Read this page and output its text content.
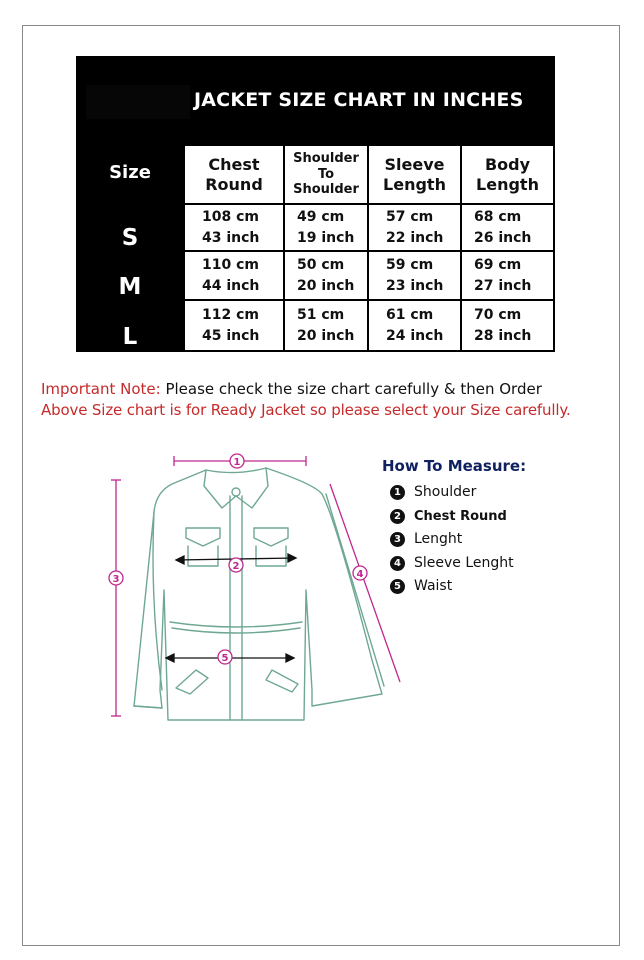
JACKET SIZE CHART IN INCHES
Size
S
M
L
Chest
Round
Shoulder
To
Shoulder
Sleeve
Length
Body
Length
108 cm
43 inch
49 cm
19 inch
57 cm
22 inch
68 cm
26 inch
110 cm
44 inch
50 cm
20 inch
59 cm
23 inch
69 cm
27 inch
112 cm
45 inch
51 cm
20 inch
61 cm
24 inch
70 cm
28 inch
Important Note: Please check the size chart carefully & then Order
Above Size chart is for Ready Jacket so please select your Size carefully.
1
2
3	4
5
How To Measure:
1 Shoulder
2	Chest Round
3 Lenght
4 Sleeve Lenght
5 Waist
